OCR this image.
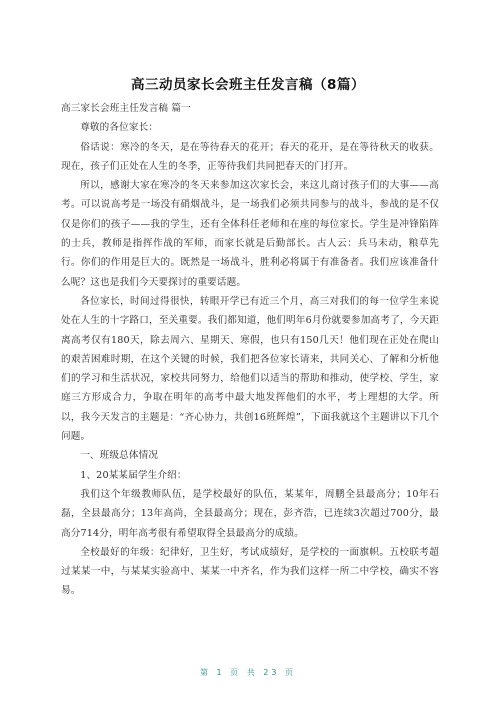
高三动员家长会班主任发言稿（8篇）

高三家长会班主任发言稿 篇一

尊敬的各位家长：

俗话说：寒冷的冬天，是在等待春天的花开；春天的花开，是在等待秋天的收获。现在，孩子们正处在人生的冬季，正等待我们共同把春天的门打开。

所以，感谢大家在寒冷的冬天来参加这次家长会，来这儿商讨孩子们的大事——高考。可以说高考是一场没有硝烟战斗，是一场我们必须共同参与的战斗，参战的是不仅仅是你们的孩子——我的学生，还有全体科任老师和在座的每位家长。学生是冲锋陷阵的士兵，教师是指挥作战的军师，而家长就是后勤部长。古人云：兵马未动，粮草先行。你们的作用是巨大的。既然是一场战斗，胜利必将属于有准备者。我们应该准备什么呢？这也是我们今天要探讨的重要话题。

各位家长，时间过得很快，转眼开学已有近三个月，高三对我们的每一位学生来说处在人生的十字路口，至关重要。我们都知道，他们明年6月份就要参加高考了，今天距离高考仅有180天，除去周六、星期天、寒假，也只有150几天！他们现在正处在爬山的艰苦困难时期，在这个关键的时候，我们把各位家长请来，共同关心、了解和分析他们的学习和生活状况，家校共同努力，给他们以适当的帮助和推动，使学校、学生，家庭三方形成合力，争取在明年的高考中最大地发挥他们的水平，考上理想的大学。所以，我今天发言的主题是：“齐心协力，共创16班辉煌”，下面我就这个主题讲以下几个问题。

一、班级总体情况

1、20某某届学生介绍：

我们这个年级教师队伍，是学校最好的队伍，某某年，周鹏全县最高分；10年石磊，全县最高分；13年高尚，全县最高分；现在，彭齐浩，已连续3次超过700分，最高分714分，明年高考很有希望取得全县最高分的成绩。

全校最好的年级：纪律好，卫生好，考试成绩好，是学校的一面旗帜。五校联考超过某某一中，与某某实验高中、某某一中齐名，作为我们这样一所二中学校，确实不容易。

第 1 页 共 23 页
